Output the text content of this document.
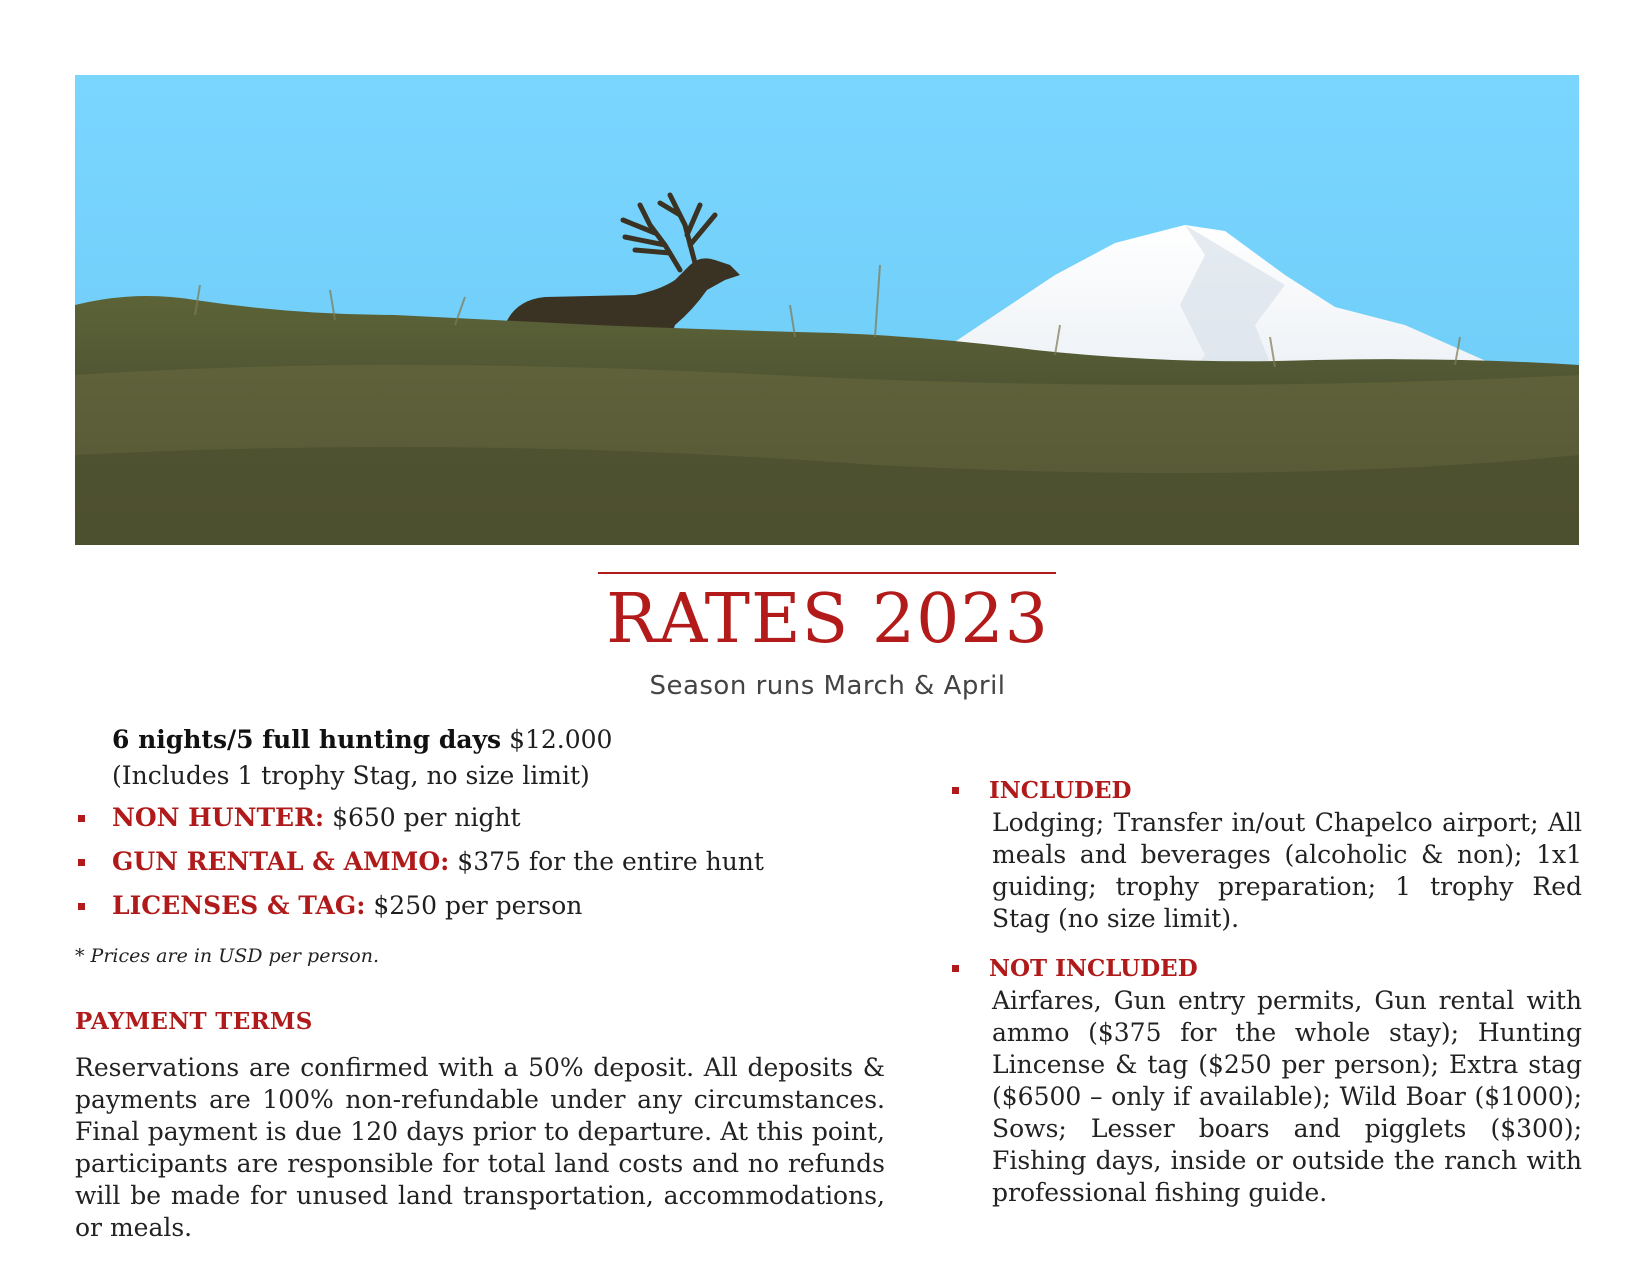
RATES 2023
Season runs March & April
6 nights/5 full hunting days $12.000
(Includes 1 trophy Stag, no size limit)
NON HUNTER: $650 per night
GUN RENTAL & AMMO: $375 for the entire hunt
LICENSES & TAG: $250 per person
* Prices are in USD per person.
PAYMENT TERMS
Reservations are confirmed with a 50% deposit. All deposits & payments are 100% non-refundable under any circumstances. Final payment is due 120 days prior to departure. At this point, participants are responsible for total land costs and no refunds will be made for unused land transportation, accommodations, or meals.
INCLUDED
Lodging; Transfer in/out Chapelco airport; All meals and beverages (alcoholic & non); 1x1 guiding; trophy preparation; 1 trophy Red Stag (no size limit).
NOT INCLUDED
Airfares, Gun entry permits, Gun rental with ammo ($375 for the whole stay); Hunting Lincense & tag ($250 per person); Extra stag ($6500 – only if available); Wild Boar ($1000); Sows; Lesser boars and pigglets ($300); Fishing days, inside or outside the ranch with professional fishing guide.
